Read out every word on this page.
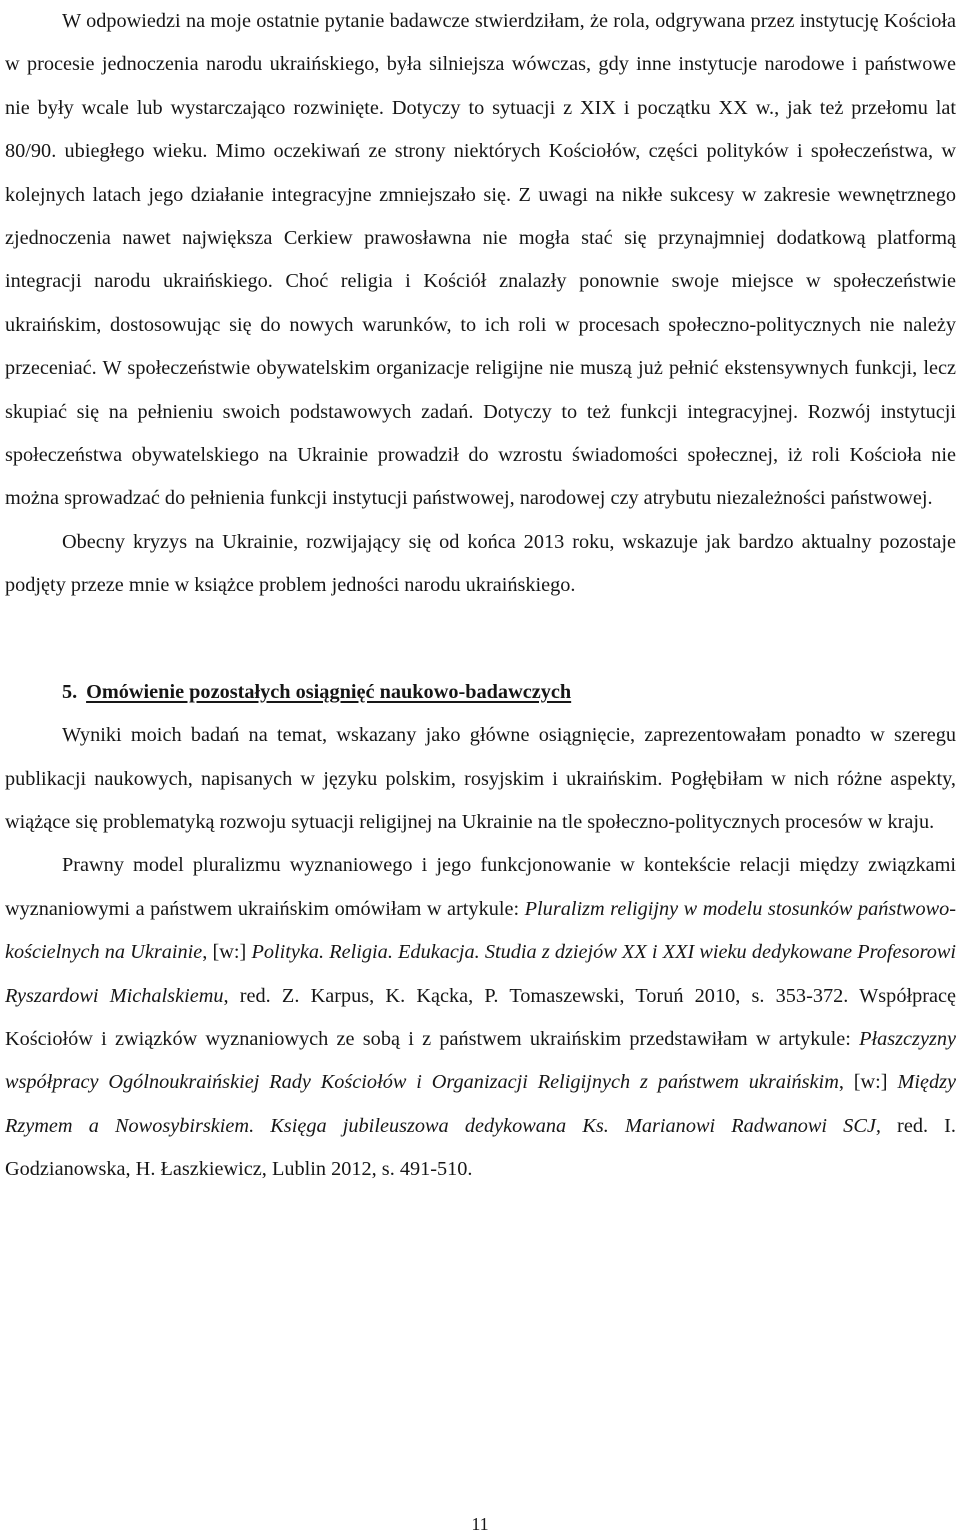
W odpowiedzi na moje ostatnie pytanie badawcze stwierdziłam, że rola, odgrywana przez instytucję Kościoła w procesie jednoczenia narodu ukraińskiego, była silniejsza wówczas, gdy inne instytucje narodowe i państwowe nie były wcale lub wystarczająco rozwinięte. Dotyczy to sytuacji z XIX i początku XX w., jak też przełomu lat 80/90. ubiegłego wieku. Mimo oczekiwań ze strony niektórych Kościołów, części polityków i społeczeństwa, w kolejnych latach jego działanie integracyjne zmniejszało się. Z uwagi na nikłe sukcesy w zakresie wewnętrznego zjednoczenia nawet największa Cerkiew prawosławna nie mogła stać się przynajmniej dodatkową platformą integracji narodu ukraińskiego. Choć religia i Kościół znalazły ponownie swoje miejsce w społeczeństwie ukraińskim, dostosowując się do nowych warunków, to ich roli w procesach społeczno-politycznych nie należy przeceniać. W społeczeństwie obywatelskim organizacje religijne nie muszą już pełnić ekstensywnych funkcji, lecz skupiać się na pełnieniu swoich podstawowych zadań. Dotyczy to też funkcji integracyjnej. Rozwój instytucji społeczeństwa obywatelskiego na Ukrainie prowadził do wzrostu świadomości społecznej, iż roli Kościoła nie można sprowadzać do pełnienia funkcji instytucji państwowej, narodowej czy atrybutu niezależności państwowej.

Obecny kryzys na Ukrainie, rozwijający się od końca 2013 roku, wskazuje jak bardzo aktualny pozostaje podjęty przeze mnie w książce problem jedności narodu ukraińskiego.

5. Omówienie pozostałych osiągnięć naukowo-badawczych

Wyniki moich badań na temat, wskazany jako główne osiągnięcie, zaprezentowałam ponadto w szeregu publikacji naukowych, napisanych w języku polskim, rosyjskim i ukraińskim. Pogłębiłam w nich różne aspekty, wiążące się problematyką rozwoju sytuacji religijnej na Ukrainie na tle społeczno-politycznych procesów w kraju.

Prawny model pluralizmu wyznaniowego i jego funkcjonowanie w kontekście relacji między związkami wyznaniowymi a państwem ukraińskim omówiłam w artykule: Pluralizm religijny w modelu stosunków państwowo-kościelnych na Ukrainie, [w:] Polityka. Religia. Edukacja. Studia z dziejów XX i XXI wieku dedykowane Profesorowi Ryszardowi Michalskiemu, red. Z. Karpus, K. Kącka, P. Tomaszewski, Toruń 2010, s. 353-372. Współpracę Kościołów i związków wyznaniowych ze sobą i z państwem ukraińskim przedstawiłam w artykule: Płaszczyzny współpracy Ogólnoukraińskiej Rady Kościołów i Organizacji Religijnych z państwem ukraińskim, [w:] Między Rzymem a Nowosybirskiem. Księga jubileuszowa dedykowana Ks. Marianowi Radwanowi SCJ, red. I. Godzianowska, H. Łaszkiewicz, Lublin 2012, s. 491-510.

11
